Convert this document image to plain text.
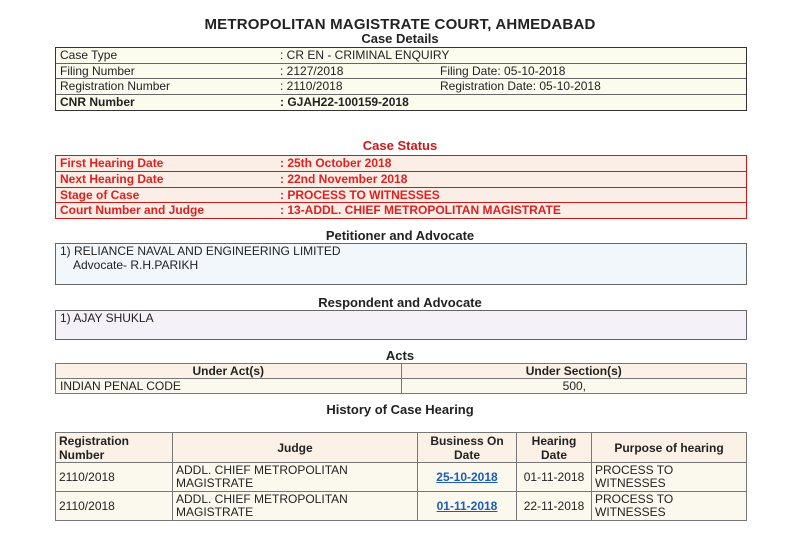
METROPOLITAN MAGISTRATE COURT, AHMEDABAD
Case Details
Case Type	: CR EN - CRIMINAL ENQUIRY
Filing Number	: 2127/2018	Filing Date: 05-10-2018
Registration Number	: 2110/2018	Registration Date: 05-10-2018
CNR Number	: GJAH22-100159-2018
Case Status
First Hearing Date	: 25th October 2018
Next Hearing Date	: 22nd November 2018
Stage of Case	: PROCESS TO WITNESSES
Court Number and Judge	: 13-ADDL. CHIEF METROPOLITAN MAGISTRATE
Petitioner and Advocate
1) RELIANCE NAVAL AND ENGINEERING LIMITED
Advocate- R.H.PARIKH
Respondent and Advocate
1) AJAY SHUKLA
Acts
Under Act(s)	Under Section(s)
INDIAN PENAL CODE	500,
History of Case Hearing
Registration Number	Judge	Business On Date	Hearing Date	Purpose of hearing
2110/2018	ADDL. CHIEF METROPOLITAN MAGISTRATE	25-10-2018	01-11-2018	PROCESS TO WITNESSES
2110/2018	ADDL. CHIEF METROPOLITAN MAGISTRATE	01-11-2018	22-11-2018	PROCESS TO WITNESSES
